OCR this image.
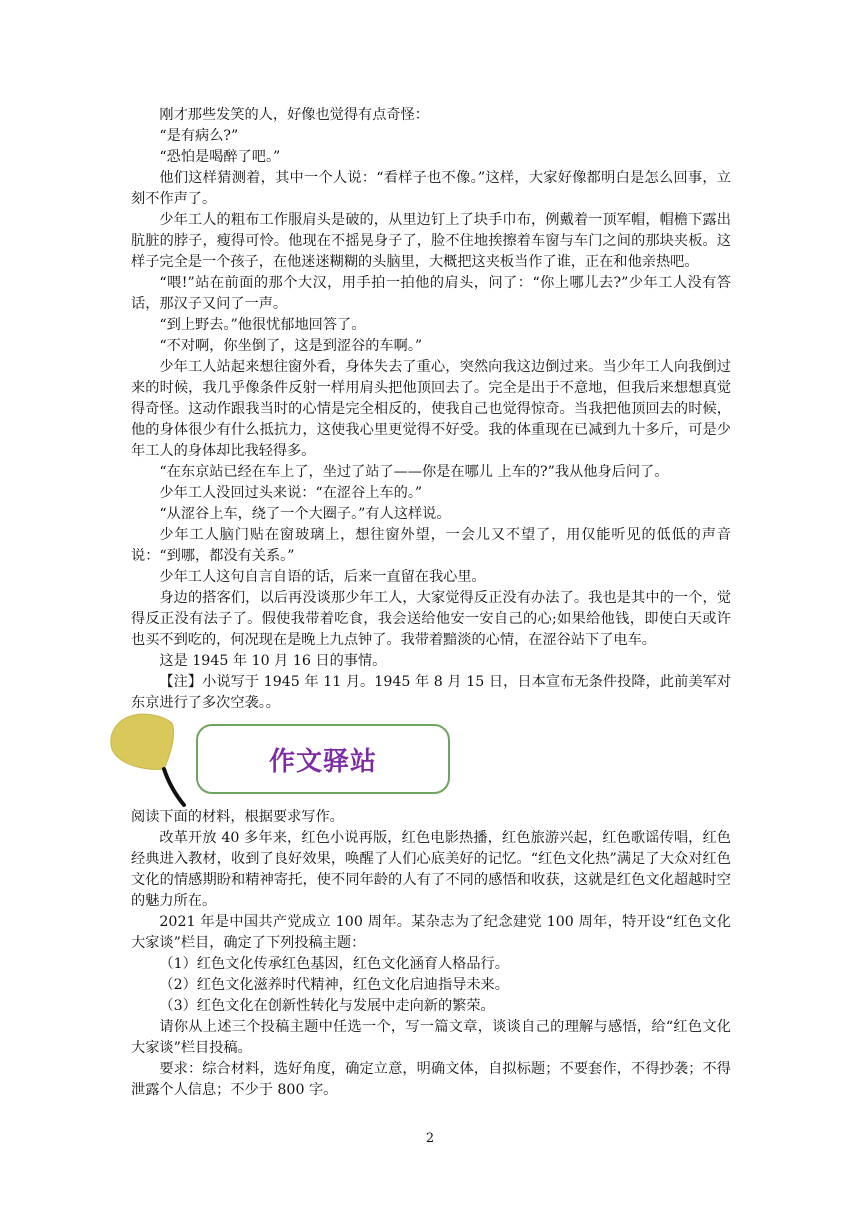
刚才那些发笑的人，好像也觉得有点奇怪：

“是有病么?”

“恐怕是喝醉了吧。”

他们这样猜测着，其中一个人说：“看样子也不像。”这样，大家好像都明白是怎么回事，立刻不作声了。

少年工人的粗布工作服肩头是破的，从里边钉上了块手巾布，例戴着一顶军帽，帽檐下露出肮脏的脖子，瘦得可怜。他现在不摇晃身子了，脸不住地挨擦着车窗与车门之间的那块夹板。这样子完全是一个孩子，在他迷迷糊糊的头脑里，大概把这夹板当作了谁，正在和他亲热吧。

“喂!”站在前面的那个大汉，用手拍一拍他的肩头，问了：“你上哪儿去?”少年工人没有答话，那汉子又问了一声。

“到上野去。”他很忧郁地回答了。

“不对啊，你坐倒了，这是到涩谷的车啊。”

少年工人站起来想往窗外看，身体失去了重心，突然向我这边倒过来。当少年工人向我倒过来的时候，我几乎像条件反射一样用肩头把他顶回去了。完全是出于不意地，但我后来想想真觉得奇怪。这动作跟我当时的心情是完全相反的，使我自己也觉得惊奇。当我把他顶回去的时候，他的身体很少有什么抵抗力，这使我心里更觉得不好受。我的体重现在已减到九十多斤，可是少年工人的身体却比我轻得多。

“在东京站已经在车上了，坐过了站了——你是在哪儿 上车的?”我从他身后问了。

少年工人没回过头来说：“在涩谷上车的。”

“从涩谷上车，绕了一个大圈子。”有人这样说。

少年工人脑门贴在窗玻璃上，想往窗外望，一会儿又不望了，用仅能听见的低低的声音说：“到哪，都没有关系。”

少年工人这句自言自语的话，后来一直留在我心里。

身边的搭客们，以后再没谈那少年工人，大家觉得反正没有办法了。我也是其中的一个，觉得反正没有法子了。假使我带着吃食，我会送给他安一安自己的心;如果给他钱，即使白天或许也买不到吃的，何况现在是晚上九点钟了。我带着黯淡的心情，在涩谷站下了电车。

这是 1945 年 10 月 16 日的事情。

【注】小说写于 1945 年 11 月。1945 年 8 月 15 日，日本宣布无条件投降，此前美军对东京进行了多次空袭。。

作文驿站

阅读下面的材料，根据要求写作。

改革开放 40 多年来，红色小说再版，红色电影热播，红色旅游兴起，红色歌谣传唱，红色经典进入教材，收到了良好效果，唤醒了人们心底美好的记忆。“红色文化热”满足了大众对红色文化的情感期盼和精神寄托，使不同年龄的人有了不同的感悟和收获，这就是红色文化超越时空的魅力所在。

2021 年是中国共产党成立 100 周年。某杂志为了纪念建党 100 周年，特开设“红色文化大家谈”栏目，确定了下列投稿主题：

（1）红色文化传承红色基因，红色文化涵育人格品行。

（2）红色文化滋养时代精神，红色文化启迪指导未来。

（3）红色文化在创新性转化与发展中走向新的繁荣。

请你从上述三个投稿主题中任选一个，写一篇文章，谈谈自己的理解与感悟，给“红色文化大家谈”栏目投稿。

要求：综合材料，选好角度，确定立意，明确文体，自拟标题；不要套作，不得抄袭；不得泄露个人信息；不少于 800 字。

2
